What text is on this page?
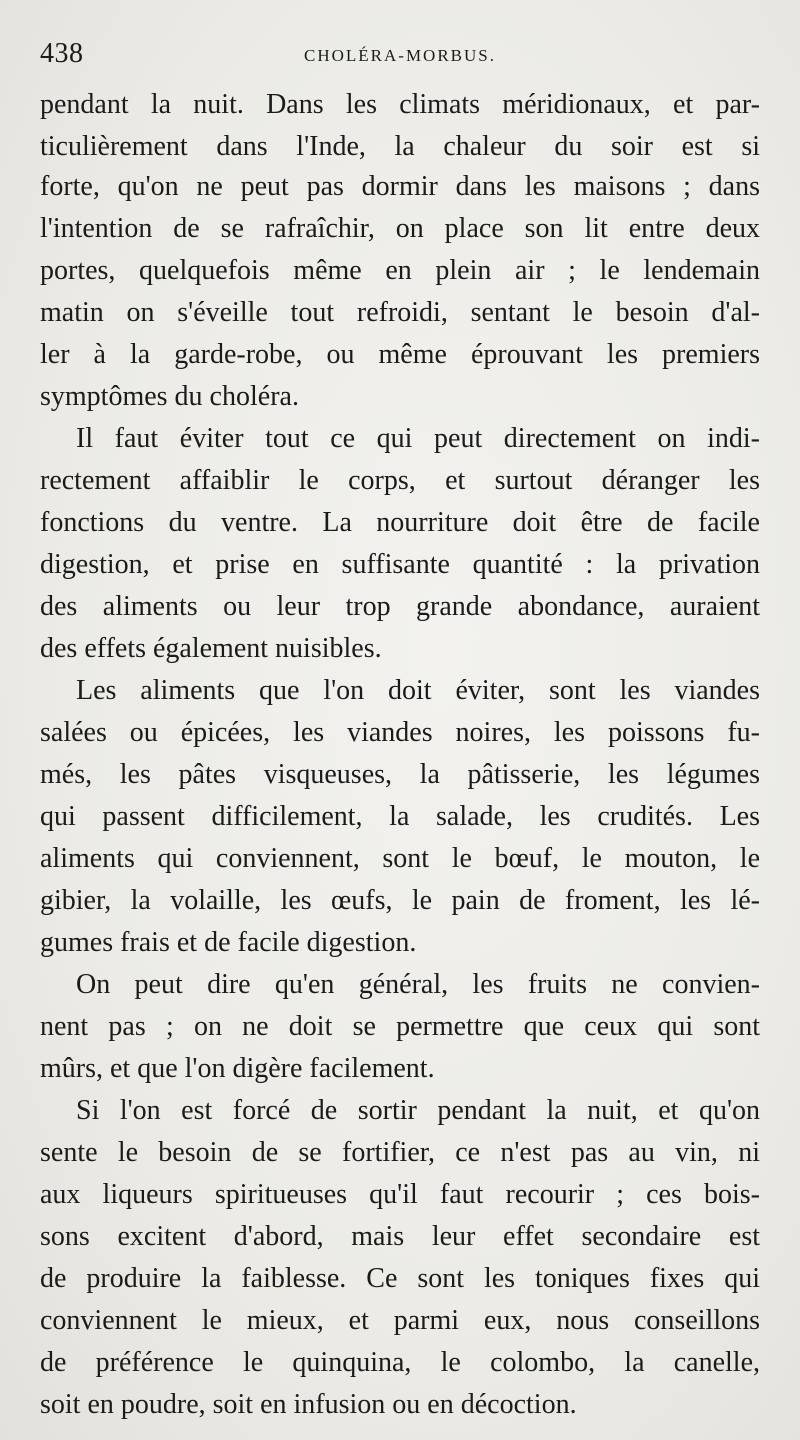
438	CHOLÉRA-MORBUS.
pendant la nuit. Dans les climats méridionaux, et par-
ticulièrement dans l'Inde, la chaleur du soir est si
forte, qu'on ne peut pas dormir dans les maisons ; dans
l'intention de se rafraîchir, on place son lit entre deux
portes, quelquefois même en plein air ; le lendemain
matin on s'éveille tout refroidi, sentant le besoin d'al-
ler à la garde-robe, ou même éprouvant les premiers
symptômes du choléra.
Il faut éviter tout ce qui peut directement on indi-
rectement affaiblir le corps, et surtout déranger les
fonctions du ventre. La nourriture doit être de facile
digestion, et prise en suffisante quantité : la privation
des aliments ou leur trop grande abondance, auraient
des effets également nuisibles.
Les aliments que l'on doit éviter, sont les viandes
salées ou épicées, les viandes noires, les poissons fu-
més, les pâtes visqueuses, la pâtisserie, les légumes
qui passent difficilement, la salade, les crudités. Les
aliments qui conviennent, sont le bœuf, le mouton, le
gibier, la volaille, les œufs, le pain de froment, les lé-
gumes frais et de facile digestion.
On peut dire qu'en général, les fruits ne convien-
nent pas ; on ne doit se permettre que ceux qui sont
mûrs, et que l'on digère facilement.
Si l'on est forcé de sortir pendant la nuit, et qu'on
sente le besoin de se fortifier, ce n'est pas au vin, ni
aux liqueurs spiritueuses qu'il faut recourir ; ces bois-
sons excitent d'abord, mais leur effet secondaire est
de produire la faiblesse. Ce sont les toniques fixes qui
conviennent le mieux, et parmi eux, nous conseillons
de préférence le quinquina, le colombo, la canelle,
soit en poudre, soit en infusion ou en décoction.
